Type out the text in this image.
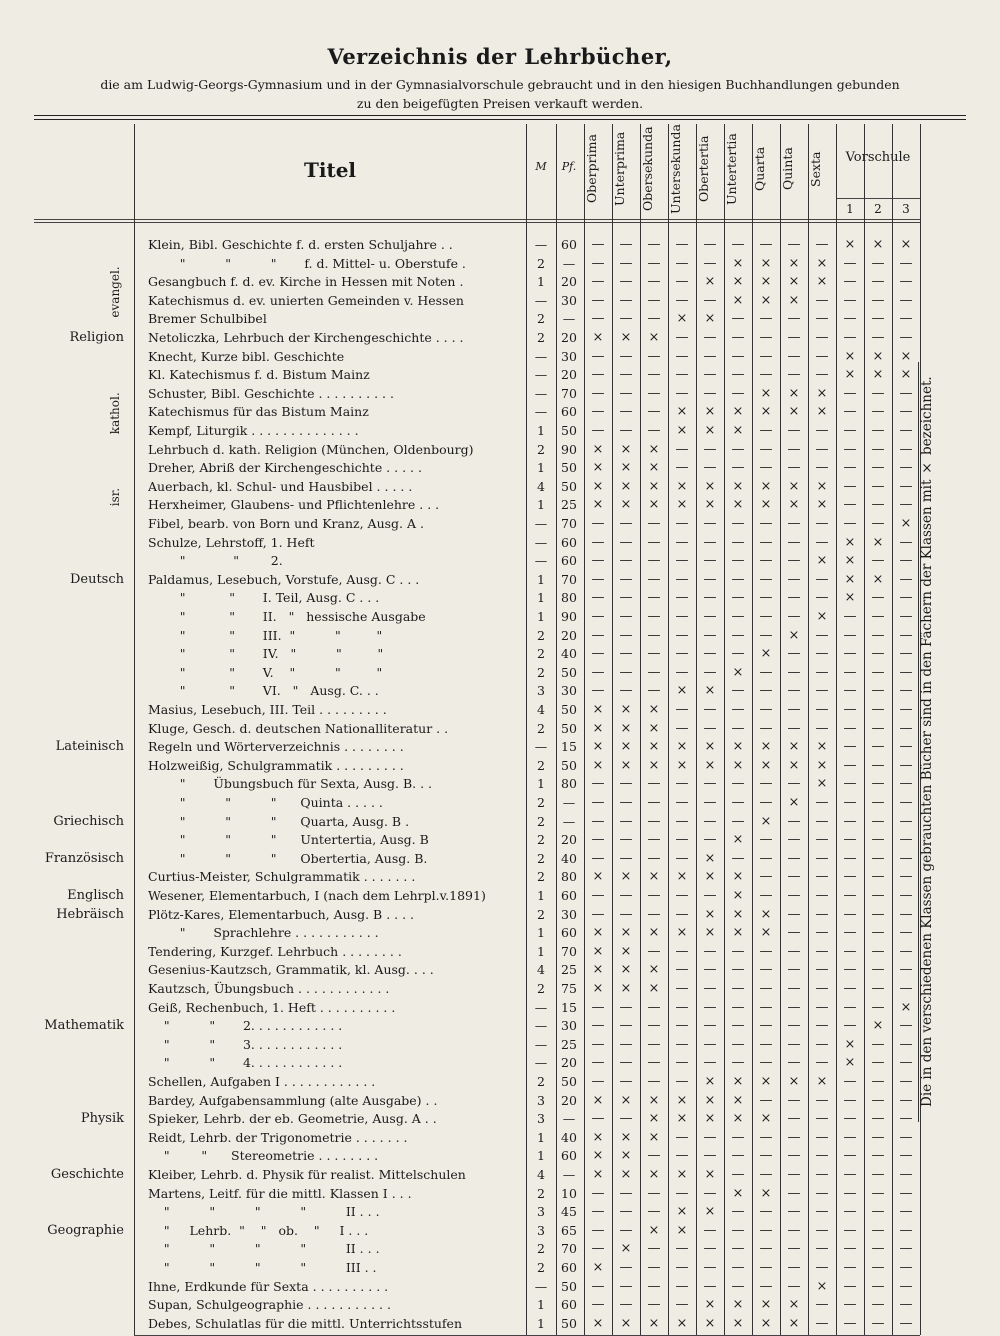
Verzeichnis der Lehrbücher,
die am Ludwig-Georgs-Gymnasium und in der Gymnasialvorschule gebraucht und in den hiesigen Buchhandlungen gebunden
zu den beigefügten Preisen verkauft werden.
Titel	M	Pf. Oberprima	Unterprima	Obersekunda	Untersekunda	Obertertia	Untertertia	Quarta	Quinta	Sexta	Vorschule
1	2	3
Religion
Deutsch
Lateinisch
Griechisch
Französisch
Englisch
Hebräisch
Mathematik
Physik
Geschichte
Geographie
evangel.
kathol.
isr.
Klein, Bibl. Geschichte f. d. ersten Schuljahre . .	—	60	—	—	—	—	—	—	—	—	—	×	×	×
"          "          "       f. d. Mittel- u. Oberstufe .	2	—	—	—	—	—	—	×	×	×	×	—	—	—
Gesangbuch f. d. ev. Kirche in Hessen mit Noten .	1	20	—	—	—	—	×	×	×	×	×	—	—	—
Katechismus d. ev. unierten Gemeinden v. Hessen	—	30	—	—	—	—	—	×	×	×	—	—	—	—
Bremer Schulbibel	2	—	—	—	—	×	×	—	—	—	—	—	—	—
Netoliczka, Lehrbuch der Kirchengeschichte . . . .	2	20	×	×	×	—	—	—	—	—	—	—	—	—
Knecht, Kurze bibl. Geschichte	—	30	—	—	—	—	—	—	—	—	—	×	×	×
Kl. Katechismus f. d. Bistum Mainz	—	20	—	—	—	—	—	—	—	—	—	×	×	×
Schuster, Bibl. Geschichte . . . . . . . . . .	—	70	—	—	—	—	—	—	×	×	×	—	—	—
Katechismus für das Bistum Mainz	—	60	—	—	—	×	×	×	×	×	×	—	—	—
Kempf, Liturgik . . . . . . . . . . . . . .	1	50	—	—	—	×	×	×	—	—	—	—	—	—
Lehrbuch d. kath. Religion (München, Oldenbourg)	2	90	×	×	×	—	—	—	—	—	—	—	—	—
Dreher, Abriß der Kirchengeschichte . . . . .	1	50	×	×	×	—	—	—	—	—	—	—	—	—
Auerbach, kl. Schul- und Hausbibel . . . . .	4	50	×	×	×	×	×	×	×	×	×	—	—	—
Herxheimer, Glaubens- und Pflichtenlehre . . .	1	25	×	×	×	×	×	×	×	×	×	—	—	—
Fibel, bearb. von Born und Kranz, Ausg. A .	—	70	—	—	—	—	—	—	—	—	—	—	—	×
Schulze, Lehrstoff, 1. Heft	—	60	—	—	—	—	—	—	—	—	—	×	×	—
"            "        2.	—	60	—	—	—	—	—	—	—	—	×	×	—	—
Paldamus, Lesebuch, Vorstufe, Ausg. C . . .	1	70	—	—	—	—	—	—	—	—	—	×	×	—
"           "       I. Teil, Ausg. C . . .	1	80	—	—	—	—	—	—	—	—	—	×	—	—
"           "       II.   "   hessische Ausgabe	1	90	—	—	—	—	—	—	—	—	×	—	—	—
"           "       III.  "          "         "	2	20	—	—	—	—	—	—	—	×	—	—	—	—
"           "       IV.   "          "         "	2	40	—	—	—	—	—	—	×	—	—	—	—	—
"           "       V.    "          "         "	2	50	—	—	—	—	—	×	—	—	—	—	—	—
"           "       VI.   "   Ausg. C. . .	3	30	—	—	—	×	×	—	—	—	—	—	—	—
Masius, Lesebuch, III. Teil . . . . . . . . .	4	50	×	×	×	—	—	—	—	—	—	—	—	—
Kluge, Gesch. d. deutschen Nationalliteratur . .	2	50	×	×	×	—	—	—	—	—	—	—	—	—
Regeln und Wörterverzeichnis . . . . . . . .	—	15	×	×	×	×	×	×	×	×	×	—	—	—
Holzweißig, Schulgrammatik . . . . . . . . .	2	50	×	×	×	×	×	×	×	×	×	—	—	—
"       Übungsbuch für Sexta, Ausg. B. . .	1	80	—	—	—	—	—	—	—	—	×	—	—	—
"          "          "      Quinta . . . . .	2	—	—	—	—	—	—	—	—	×	—	—	—	—
"          "          "      Quarta, Ausg. B .	2	—	—	—	—	—	—	—	×	—	—	—	—	—
"          "          "      Untertertia, Ausg. B	2	20	—	—	—	—	—	×	—	—	—	—	—	—
"          "          "      Obertertia, Ausg. B.	2	40	—	—	—	—	×	—	—	—	—	—	—	—
Curtius-Meister, Schulgrammatik . . . . . . .	2	80	×	×	×	×	×	×	—	—	—	—	—	—
Wesener, Elementarbuch, I (nach dem Lehrpl.v.1891)	1	60	—	—	—	—	—	×	—	—	—	—	—	—
Plötz-Kares, Elementarbuch, Ausg. B . . . .	2	30	—	—	—	—	×	×	×	—	—	—	—	—
"       Sprachlehre . . . . . . . . . . .	1	60	×	×	×	×	×	×	×	—	—	—	—	—
Tendering, Kurzgef. Lehrbuch . . . . . . . .	1	70	×	×	—	—	—	—	—	—	—	—	—	—
Gesenius-Kautzsch, Grammatik, kl. Ausg. . . .	4	25	×	×	×	—	—	—	—	—	—	—	—	—
Kautzsch, Übungsbuch . . . . . . . . . . . .	2	75	×	×	×	—	—	—	—	—	—	—	—	—
Geiß, Rechenbuch, 1. Heft . . . . . . . . . .	—	15	—	—	—	—	—	—	—	—	—	—	—	×
"          "       2. . . . . . . . . . . .	—	30	—	—	—	—	—	—	—	—	—	—	×	—
"          "       3. . . . . . . . . . . .	—	25	—	—	—	—	—	—	—	—	—	×	—	—
"          "       4. . . . . . . . . . . .	—	20	—	—	—	—	—	—	—	—	—	×	—	—
Schellen, Aufgaben I . . . . . . . . . . . .	2	50	—	—	—	—	×	×	×	×	×	—	—	—
Bardey, Aufgabensammlung (alte Ausgabe) . .	3	20	×	×	×	×	×	×	—	—	—	—	—	—
Spieker, Lehrb. der eb. Geometrie, Ausg. A . .	3	—	—	—	×	×	×	×	×	—	—	—	—	—
Reidt, Lehrb. der Trigonometrie . . . . . . .	1	40	×	×	×	—	—	—	—	—	—	—	—	—
"        "      Stereometrie . . . . . . . .	1	60	×	×	—	—	—	—	—	—	—	—	—	—
Kleiber, Lehrb. d. Physik für realist. Mittelschulen	4	—	×	×	×	×	×	—	—	—	—	—	—	—
Martens, Leitf. für die mittl. Klassen I . . .	2	10	—	—	—	—	—	×	×	—	—	—	—	—
"          "          "          "          II . . .	3	45	—	—	—	×	×	—	—	—	—	—	—	—
"     Lehrb.  "    "   ob.    "     I . . .	3	65	—	—	×	×	—	—	—	—	—	—	—	—
"          "          "          "          II . . .	2	70	—	×	—	—	—	—	—	—	—	—	—	—
"          "          "          "          III . .	2	60	×	—	—	—	—	—	—	—	—	—	—	—
Ihne, Erdkunde für Sexta . . . . . . . . . .	—	50	—	—	—	—	—	—	—	—	×	—	—	—
Supan, Schulgeographie . . . . . . . . . . .	1	60	—	—	—	—	×	×	×	×	—	—	—	—
Debes, Schulatlas für die mittl. Unterrichtsstufen	1	50	×	×	×	×	×	×	×	×	—	—	—	—
Die in den verschiedenen Klassen gebrauchten Bücher sind in den Fächern der Klassen mit × bezeichnet.
